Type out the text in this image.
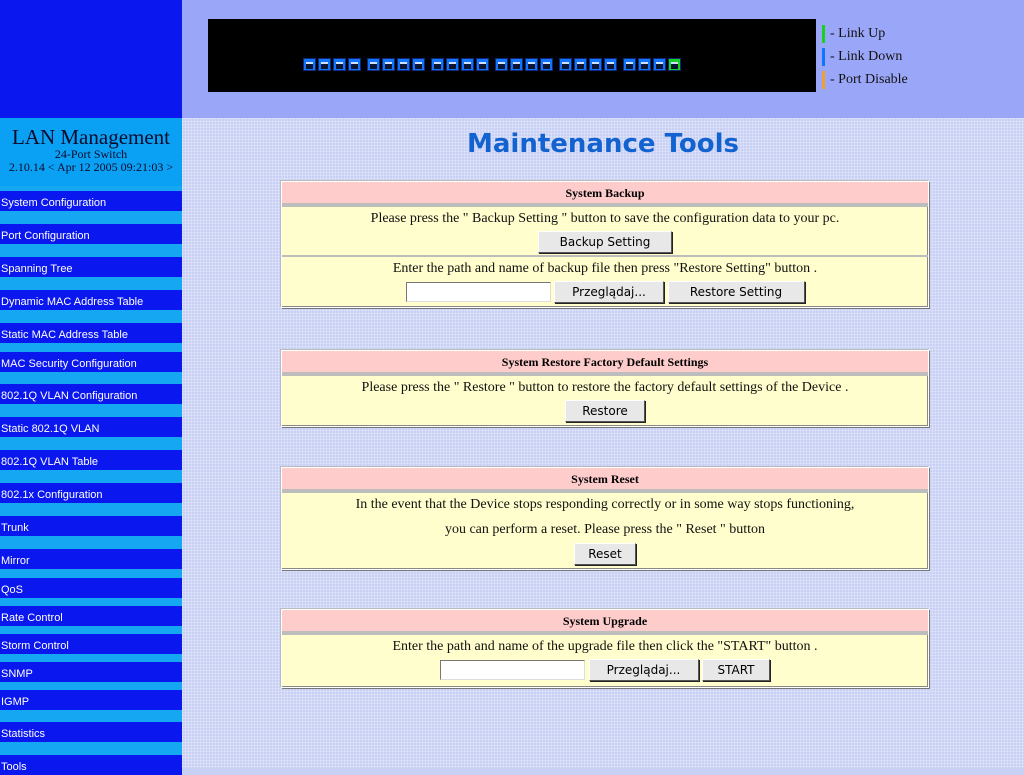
- Link Up
- Link Down
- Port Disable
LAN Management
24-Port Switch
2.10.14 < Apr 12 2005 09:21:03 >
System Configuration
Port Configuration
Spanning Tree
Dynamic MAC Address Table
Static MAC Address Table
MAC Security Configuration
802.1Q VLAN Configuration
Static 802.1Q VLAN
802.1Q VLAN Table
802.1x Configuration
Trunk
Mirror
QoS
Rate Control
Storm Control
SNMP
IGMP
Statistics
Tools
Maintenance Tools
System Backup
Please press the " Backup Setting " button to save the configuration data to your pc.
Backup Setting
Enter the path and name of backup file then press "Restore Setting" button .
Przeglądaj...	Restore Setting
System Restore Factory Default Settings
Please press the " Restore " button to restore the factory default settings of the Device .
Restore
System Reset
In the event that the Device stops responding correctly or in some way stops functioning,
you can perform a reset. Please press the " Reset " button
Reset
System Upgrade
Enter the path and name of the upgrade file then click the "START" button .
Przeglądaj...	START
